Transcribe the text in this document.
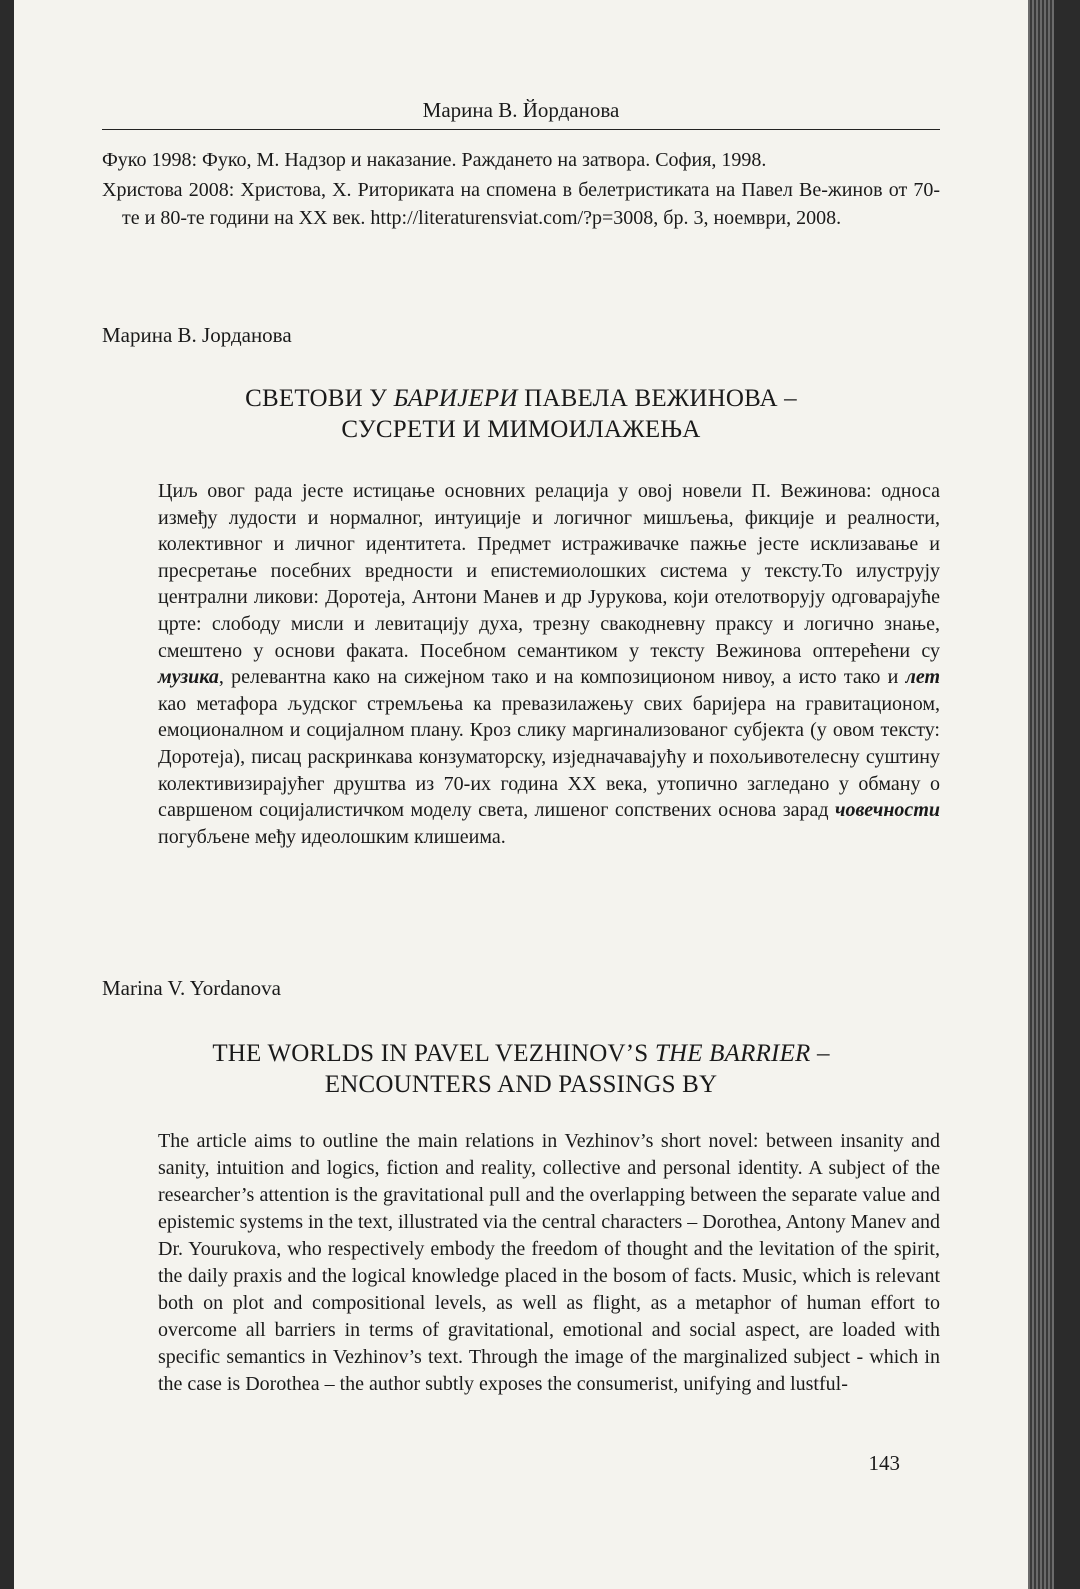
Марина В. Йорданова

Фуко 1998: Фуко, М. Надзор и наказание. Раждането на затвора. София, 1998.

Христова 2008: Христова, Х. Риториката на спомена в белетристиката на Павел Ве-жинов от 70-те и 80-те години на XX век. http://literaturensviat.com/?p=3008, бр. 3, ноември, 2008.

Марина В. Јорданова
СВЕТОВИ У БАРИЈЕРИ ПАВЕЛА ВЕЖИНОВА –
СУСРЕТИ И МИМОИЛАЖЕЊА
Циљ овог рада јесте истицање основних релација у овој новели П. Вежинова: односа између лудости и нормалног, интуиције и логичног мишљења, фикције и реалности, колективног и личног идентитета. Предмет истраживачке пажње јесте исклизавање и пресретање посебних вредности и епистемиолошких система у тексту.То илуструју централни ликови: Доротеја, Антони Манев и др Јурукова, који отелотворују одговарајуће црте: слободу мисли и левитацију духа, трезну свакодневну праксу и логично знање, смештено у основи факата. Посебном семантиком у тексту Вежинова оптерећени су музика, релевантна како на сижејном тако и на композиционом нивоу, а исто тако и лет као метафора људског стремљења ка превазилажењу свих баријера на гравитационом, емоционалном и социјалном плану. Кроз слику маргинализованог субјекта (у овом тексту: Доротеја), писац раскринкава конзуматорску, изједначавајућу и похољивотелесну суштину колективизирајућег друштва из 70-их година XX века, утопично загледано у обману о савршеном социјалистичком моделу света, лишеног сопствених основа зарад човечности погубљене међу идеолошким клишеима.
Marina V. Yordanova
THE WORLDS IN PAVEL VEZHINOV’S THE BARRIER –
ENCOUNTERS AND PASSINGS BY
The article aims to outline the main relations in Vezhinov’s short novel: between insanity and sanity, intuition and logics, fiction and reality, collective and personal identity. A subject of the researcher’s attention is the gravitational pull and the overlapping between the separate value and epistemic systems in the text, illustrated via the central characters – Dorothea, Antony Manev and Dr. Yourukova, who respectively embody the freedom of thought and the levitation of the spirit, the daily praxis and the logical knowledge placed in the bosom of facts. Music, which is relevant both on plot and compositional levels, as well as flight, as a metaphor of human effort to overcome all barriers in terms of gravitational, emotional and social aspect, are loaded with specific semantics in Vezhinov’s text. Through the image of the marginalized subject - which in the case is Dorothea – the author subtly exposes the consumerist, unifying and lustful-
143
